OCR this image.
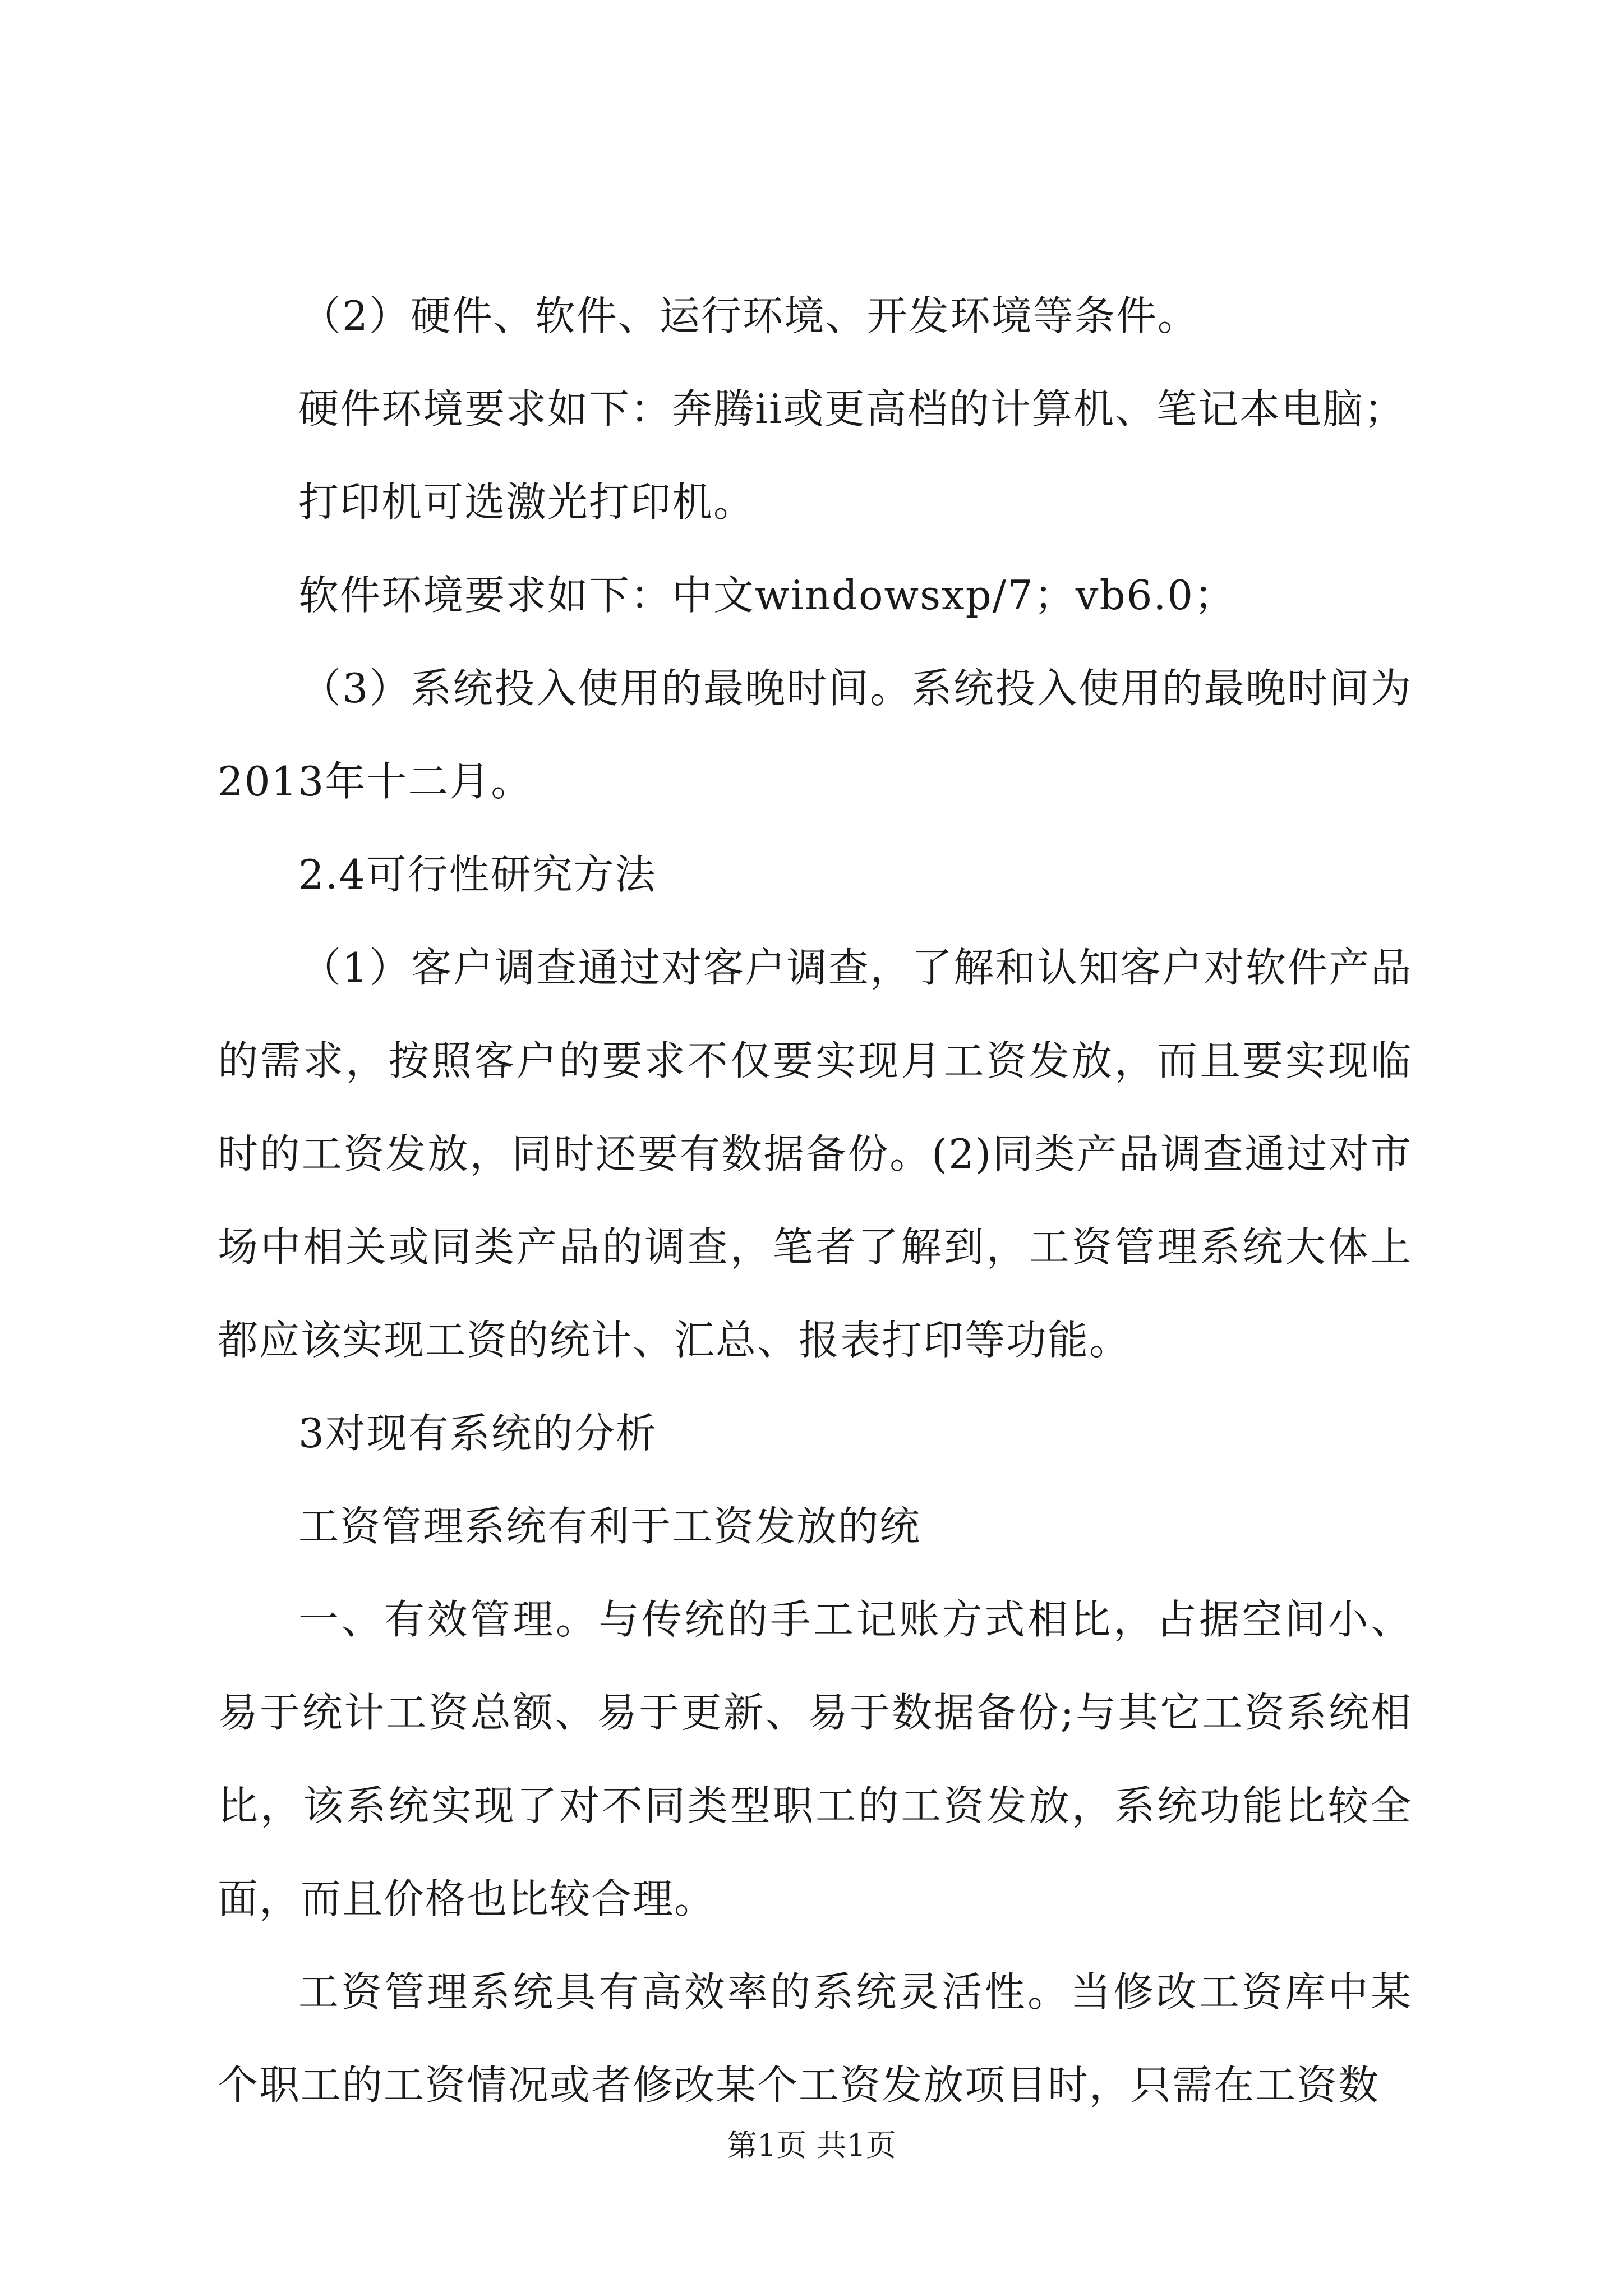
（2）硬件、软件、运行环境、开发环境等条件。

硬件环境要求如下：奔腾ii或更高档的计算机、笔记本电脑；

打印机可选激光打印机。

软件环境要求如下：中文windowsxp/7；vb6.0；

（3）系统投入使用的最晚时间。系统投入使用的最晚时间为2013年十二月。

2.4可行性研究方法

（1）客户调查通过对客户调查，了解和认知客户对软件产品的需求，按照客户的要求不仅要实现月工资发放，而且要实现临时的工资发放，同时还要有数据备份。(2)同类产品调查通过对市场中相关或同类产品的调查，笔者了解到，工资管理系统大体上都应该实现工资的统计、汇总、报表打印等功能。

3对现有系统的分析

工资管理系统有利于工资发放的统

一、有效管理。与传统的手工记账方式相比，占据空间小、易于统计工资总额、易于更新、易于数据备份;与其它工资系统相比，该系统实现了对不同类型职工的工资发放，系统功能比较全面，而且价格也比较合理。

工资管理系统具有高效率的系统灵活性。当修改工资库中某个职工的工资情况或者修改某个工资发放项目时，只需在工资数

第1页 共1页
